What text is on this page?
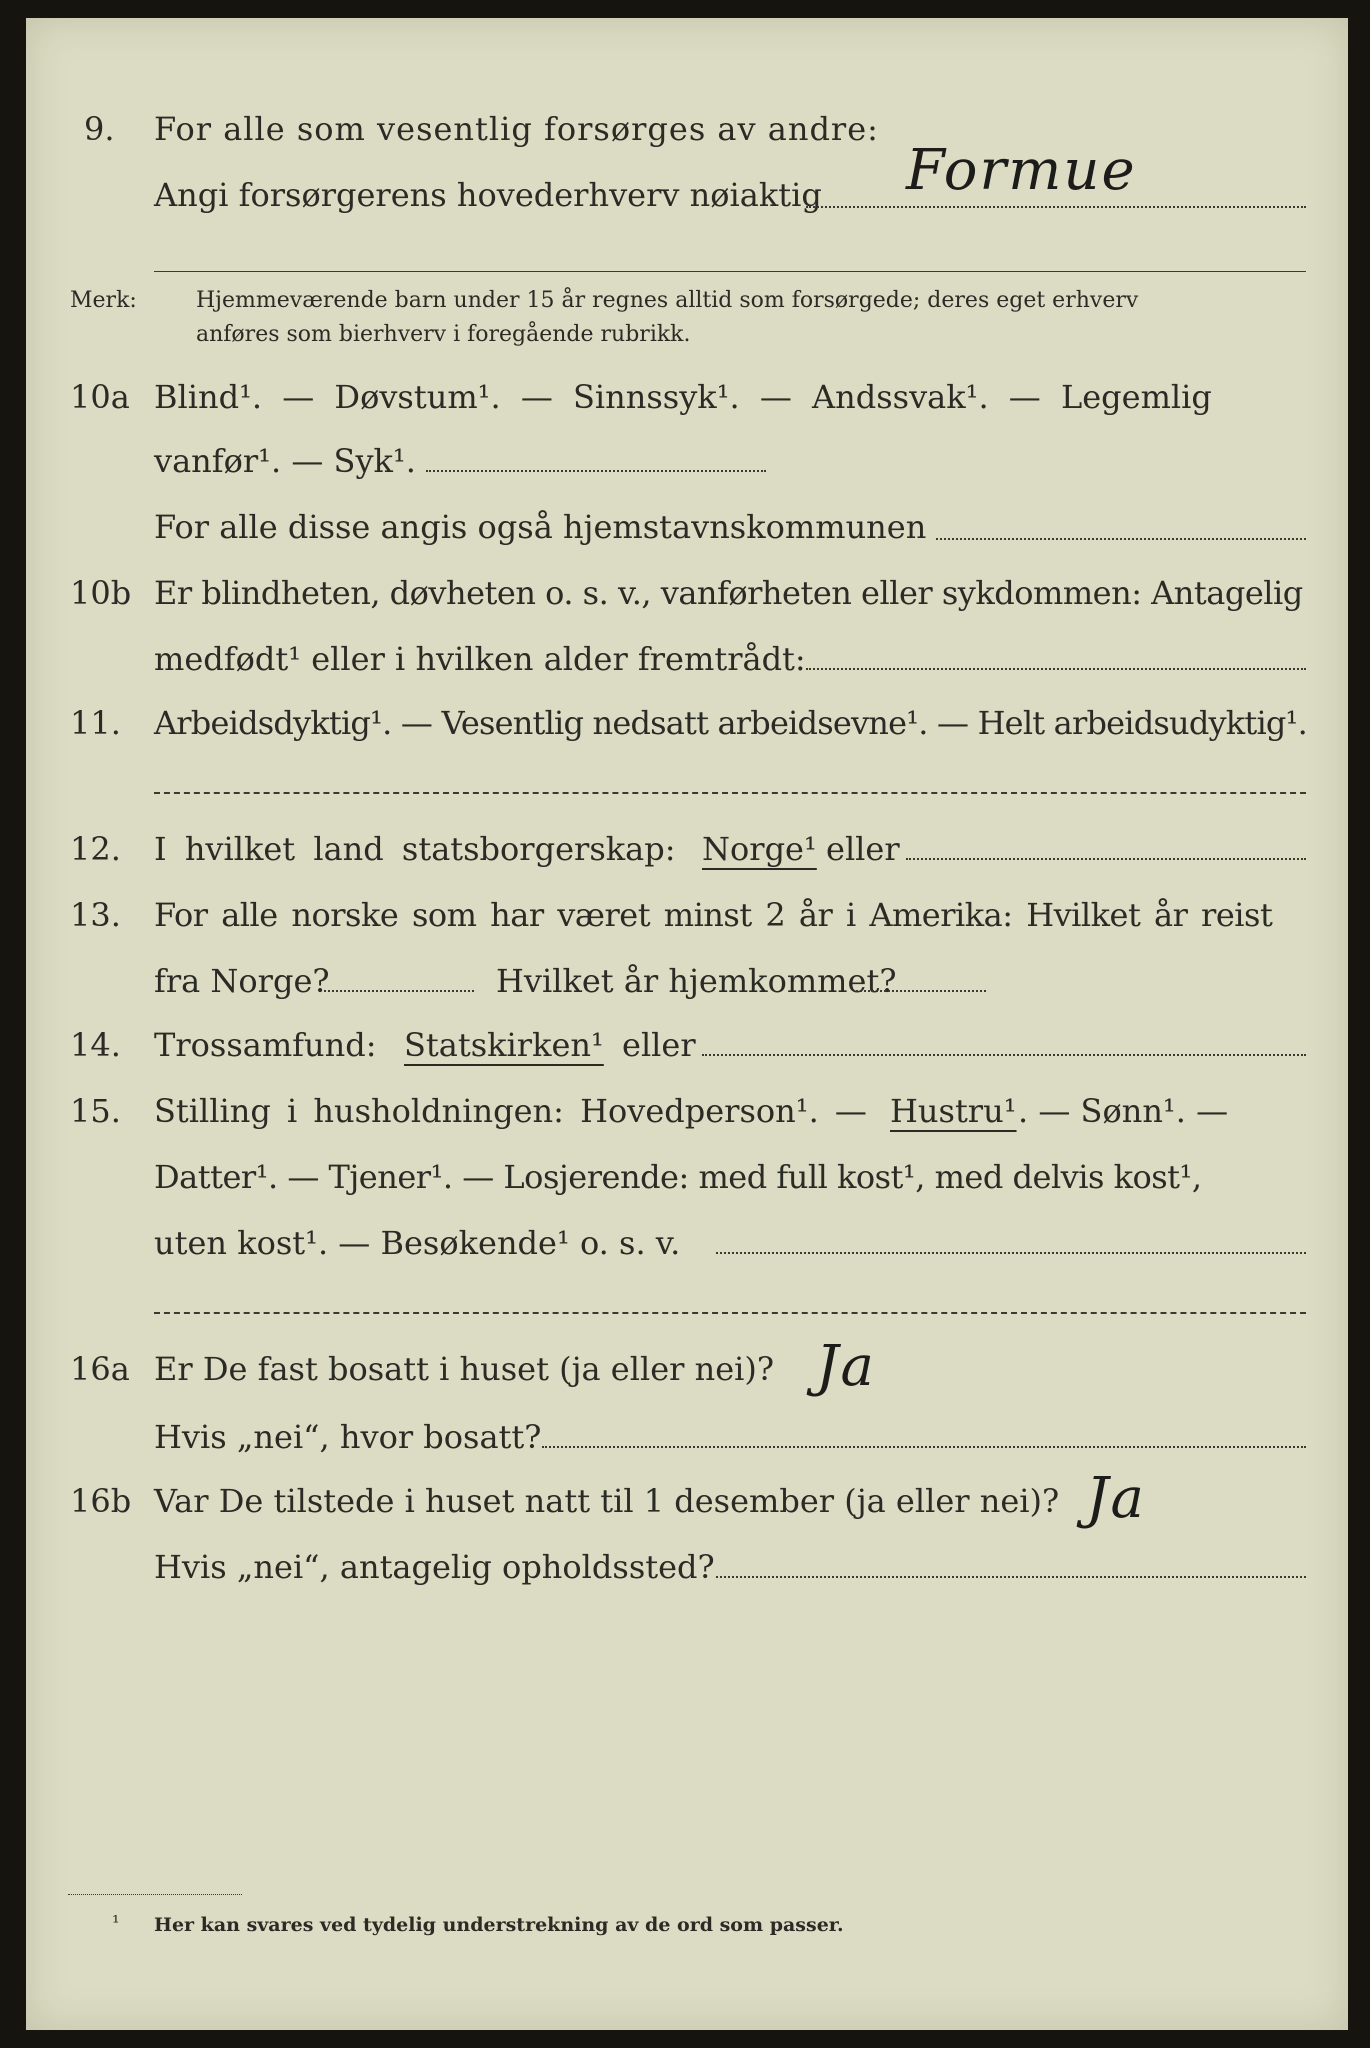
9. For alle som vesentlig forsørges av andre:
Angi forsørgerens hovederhverv nøiaktig Formue
Merk:	Hjemmeværende barn under 15 år regnes alltid som forsørgede; deres eget erhverv
anføres som bierhverv i foregående rubrikk.
10a Blind¹. — Døvstum¹. — Sinnssyk¹. — Andssvak¹. — Legemlig
vanfør¹. — Syk¹.
For alle disse angis også hjemstavnskommunen
10b Er blindheten, døvheten o. s. v., vanførheten eller sykdommen: Antagelig
medfødt¹ eller i hvilken alder fremtrådt:
11. Arbeidsdyktig¹. — Vesentlig nedsatt arbeidsevne¹. — Helt arbeidsudyktig¹.
12. I hvilket land statsborgerskap: Norge¹ eller
13. For alle norske som har været minst 2 år i Amerika: Hvilket år reist
fra Norge?	Hvilket år hjemkommet?
14. Trossamfund: Statskirken¹ eller
15. Stilling i husholdningen: Hovedperson¹. — Hustru¹ . — Sønn¹. —
Datter¹. — Tjener¹. — Losjerende: med full kost¹, med delvis kost¹,
uten kost¹. — Besøkende¹ o. s. v.
16a Er De fast bosatt i huset (ja eller nei)? Ja
Hvis „nei“, hvor bosatt?
16b Var De tilstede i huset natt til 1 desember (ja eller nei)? Ja
Hvis „nei“, antagelig opholdssted?
¹ Her kan svares ved tydelig understrekning av de ord som passer.
